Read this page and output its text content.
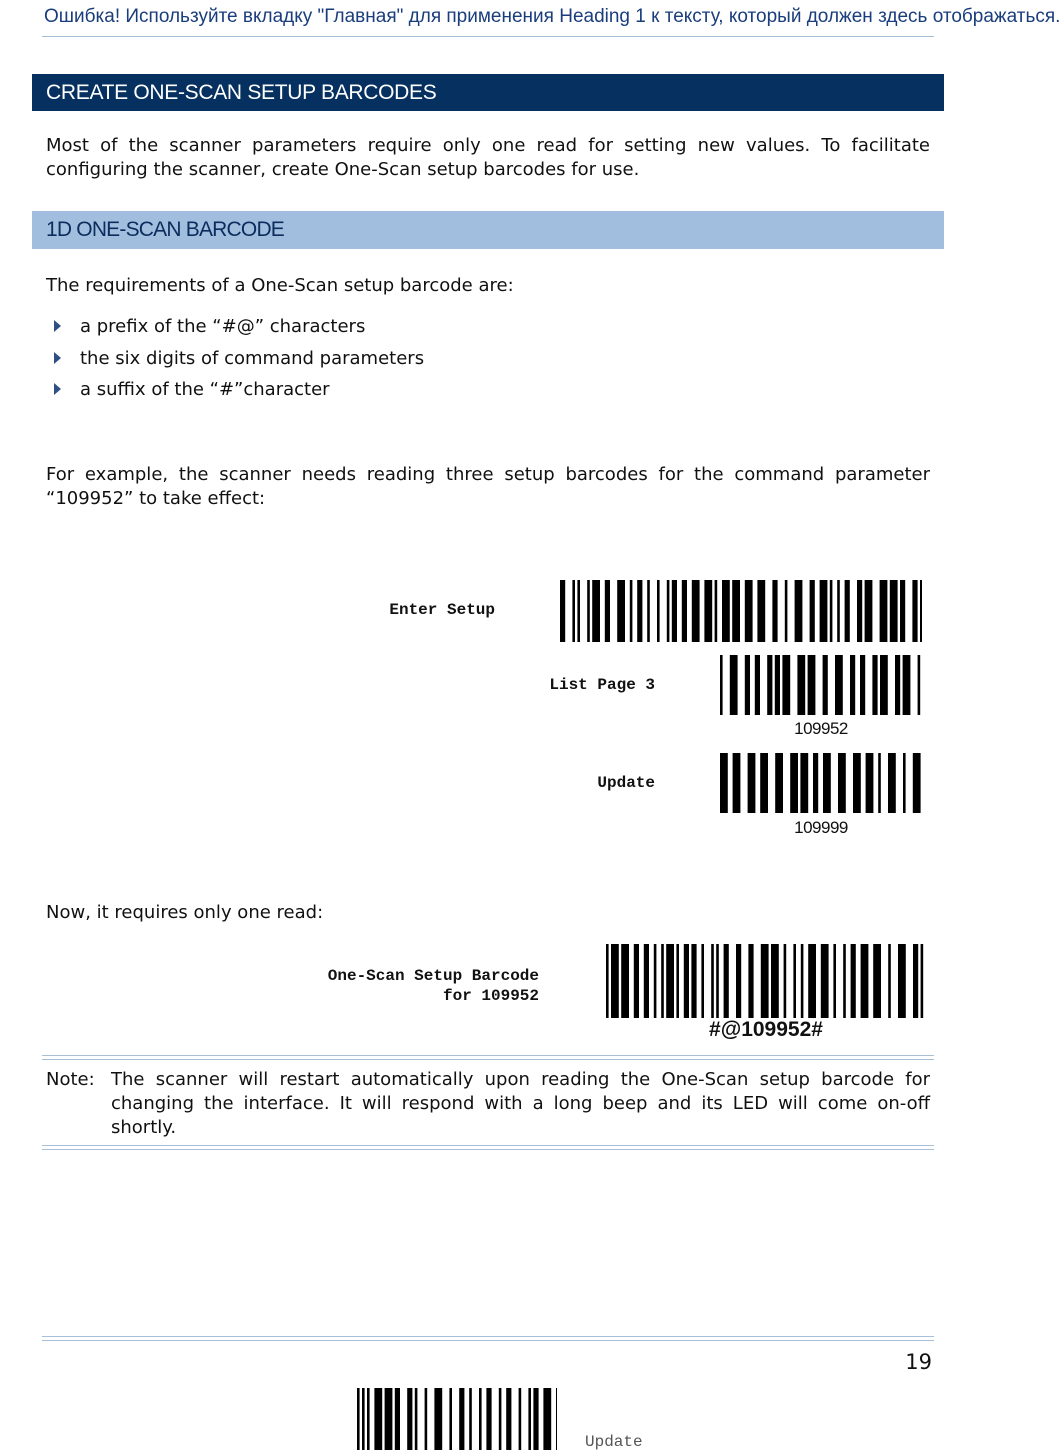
Ошибка! Используйте вкладку "Главная" для применения Heading 1 к тексту, который должен здесь отображаться.
CREATE ONE-SCAN SETUP BARCODES

Most of the scanner parameters require only one read for setting new values. To facilitate configuring the scanner, create One-Scan setup barcodes for use.

1D ONE-SCAN BARCODE

The requirements of a One-Scan setup barcode are:

a prefix of the “#@” characters
the six digits of command parameters
a suffix of the “#”character

For example, the scanner needs reading three setup barcodes for the command parameter “109952” to take effect:

Enter Setup
List Page 3
109952
Update
109999

Now, it requires only one read:

One-Scan Setup Barcode
for 109952
#@109952#
Note: The scanner will restart automatically upon reading the One-Scan setup barcode for changing the interface. It will respond with a long beep and its LED will come on-off shortly.
19
Update
